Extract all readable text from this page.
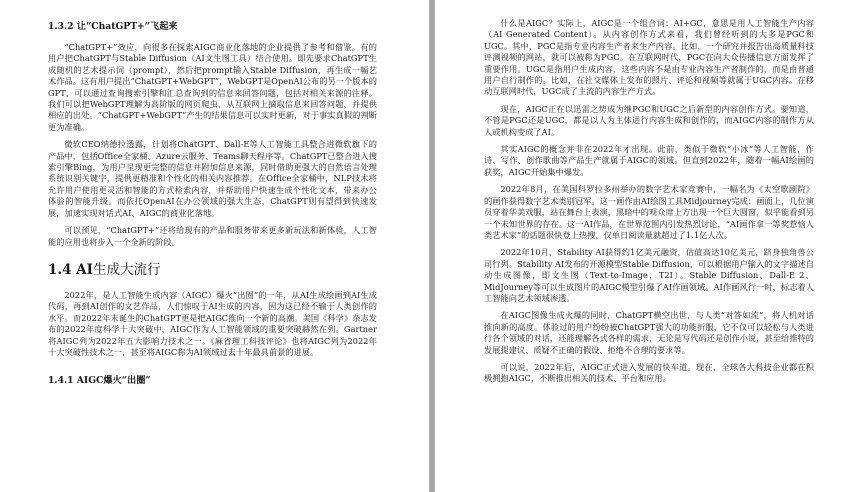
1.3.2 让“ChatGPT+”飞起来

“ChatGPT+”效应，向很多在探索AIGC商业化落地的企业提供了参考和借鉴。有的用户把ChatGPT与Stable Diffusion（AI文生图工具）结合使用。即先要求ChatGPT生成随机的艺术提示词（prompt），然后把prompt输入Stable Diffusion，再生成一幅艺术作品。这有用户提出“ChatGPT+WebGPT”，WebGPT是OpenAI公布的另一个版本的GPT，可以通过查询搜索引擎和汇总查询到的信息来回答问题，包括对相关来源的注释。我们可以把WebGPT理解为高阶版的网页爬虫，从互联网上摘取信息来回答问题，并提供相应的出处。“ChatGPT+WebGPT”产生的结果信息可以实时更新，对于事实真假的判断更为准确。

微软CEO纳德拉透露，计划将ChatGPT、Dall-E等人工智能工具整合进微软旗下的产品中，包括Office全家桶、Azure云服务、Teams聊天程序等。ChatGPT已整合进入搜索引擎Bing，为用户呈现更完整的信息并附加信息来源，同时借助更强大的自然语言处理系统识别关键字，提供更精准和个性化的相关内容推荐。在Office全家桶中，NLP技术将允许用户使用更灵活和智能的方式检索内容，并帮助用户快速生成个性化文本，带来办公体验的智能升级。而依托OpenAI在办公领域的强大生态，ChatGPT则有望得到快速发展，加速实现对话式AI、AIGC的商业化落地。

可以预见，“ChatGPT+”还将给现有的产品和服务带来更多新玩法和新体验，人工智能的应用也将步入一个全新的阶段。

1.4 AI生成大流行

2022年，是人工智能生成内容（AIGC）爆火“出圈”的一年，从AI生成绘画到AI生成代码，再到AI创作的文艺作品，人们惊叹于AI生成的内容，因为这已经不输于人类创作的水平。而2022年末诞生的ChatGPT更是把AIGC推向一个新的高潮。美国《科学》杂志发布的2022年度科学十大突破中，AIGC作为人工智能领域的重要突破赫然在列。Gartner将AIGC列为2022年五大影响力技术之一。《麻省理工科技评论》也将AIGC列为2022年十大突破性技术之一，甚至将AIGC称为AI领域过去十年最具前景的进展。

1.4.1 AIGC爆火“出圈”

什么是AIGC？实际上，AIGC是一个组合词：AI+GC，意思是用人工智能生产内容（AI Generated Content）。从内容创作方式来看，我们曾经听到的大多是PGC和UGC。其中，PGC是指专业内容生产者来生产内容。比如，一个研究并报告出高质量科技评测视频的网站，就可以被称为PGC。在互联网时代，PGC在向大众传播信息方面发挥了重要作用。UGC是指用户生成内容，这些内容不是由专业内容生产者制作的，而是由普通用户自行制作的。比如，在社交媒体上发布的照片、评论和视频等就属于UGC内容。在移动互联网时代，UGC成了主流的内容生产方式。

现在，AIGC正在以迅雷之势成为继PGC和UGC之后新型的内容创作方式。要知道，不管是PGC还是UGC，都是以人为主体进行内容生成和创作的，而AIGC内容的制作方从人或机构变成了AI。

其实AIGC的概念并非在2022年才出现。此前，类似于微软“小冰”等人工智能，作诗、写作、创作歌曲等产品生产就属于AIGC的领域。但直到2022年，随着一幅AI绘画的获奖，AIGC开始集中爆发。

2022年8月，在美国科罗拉多州举办的数字艺术家竞赛中，一幅名为《太空歌剧院》的画作获得数字艺术类别冠军。这一画作由AI绘图工具Midjourney完成：画面上，几位演员穿着华美戏服，站在舞台上表演，黑暗中的观众席上方出现一个巨大圆窗，似乎能看到另一个未知世界的存在。这一AI作品，在世界范围内引发热烈讨论，“AI画作拿一等奖惹恼人类艺术家”的话题很快登上热搜，仅单日阅读量就超过了1.1亿人次。

2022年10月，Stability AI获得约1亿美元融资，估值高达10亿美元，跻身独角兽公司行列。Stability AI发布的开源模型Stable Diffusion，可以根据用户输入的文字描述自动生成图像，即文生图（Text-to-Image，T2I）。Stable Diffusion、Dall-E 2、MidJourney等可以生成图片的AIGC模型引爆了AI作画领域。AI作画风行一时，标志着人工智能向艺术领域渗透。

在AIGC图像生成火爆的同时，ChatGPT横空出世，与人类“对答如流”，将人机对话推向新的高度。体验过的用户纷纷被ChatGPT强大的功能折服，它不仅可以轻松与人类进行各个领域的对话，还能理解各式各样的需求，无论是写代码还是创作小说，甚至给推特的发展提建议、质疑不正确的假设、拒绝不合理的要求等。

可以说，2022年后，AIGC正式进入发展的快车道。现在，全球各大科技企业都在积极拥抱AIGC，不断推出相关的技术、平台和应用。
